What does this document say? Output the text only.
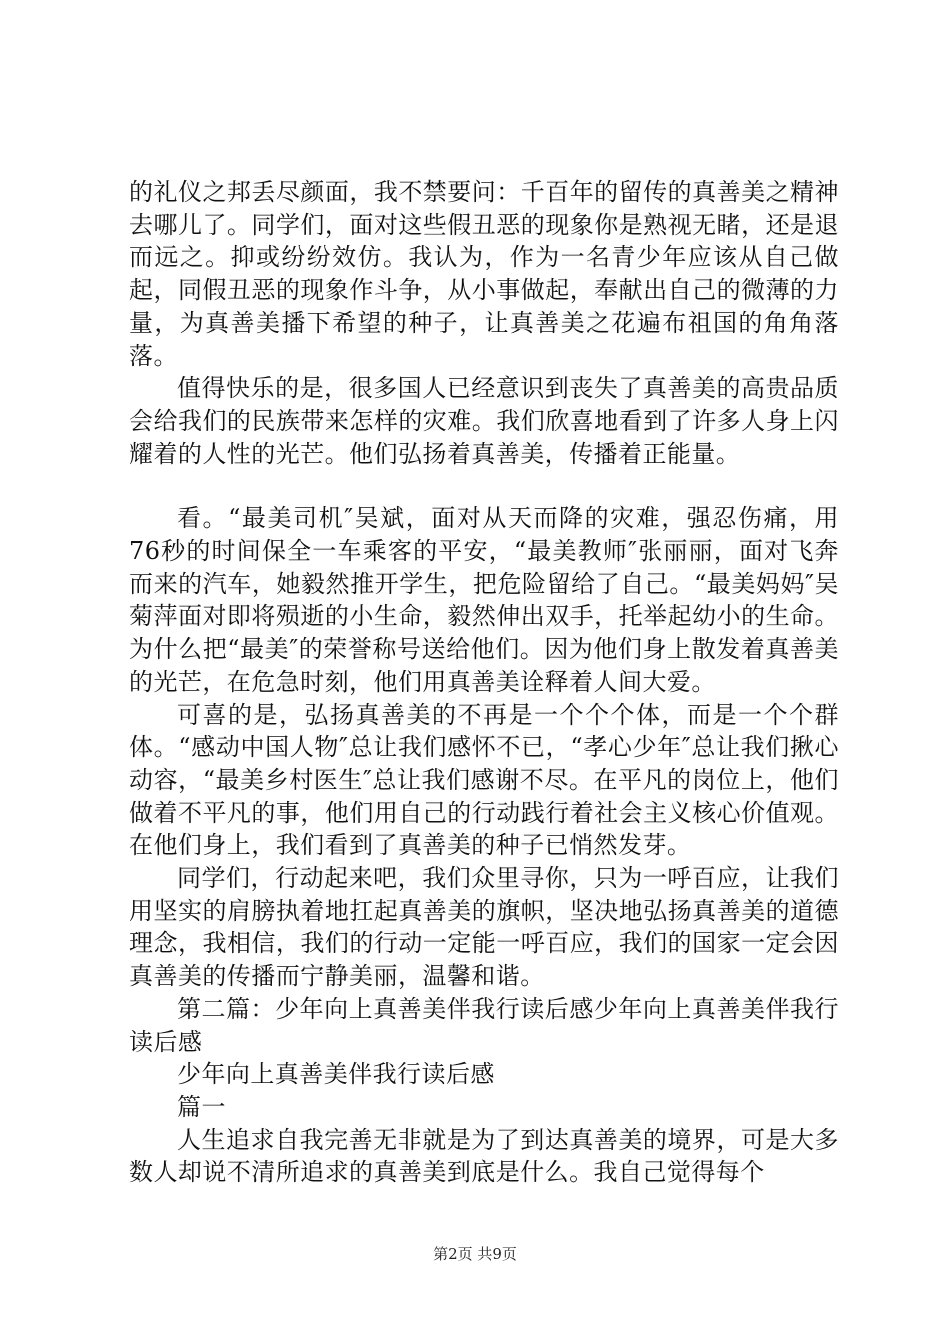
的礼仪之邦丢尽颜面，我不禁要问：千百年的留传的真善美之精神去哪儿了。同学们，面对这些假丑恶的现象你是熟视无睹，还是退而远之。抑或纷纷效仿。我认为，作为一名青少年应该从自己做起，同假丑恶的现象作斗争，从小事做起，奉献出自己的微薄的力量，为真善美播下希望的种子，让真善美之花遍布祖国的角角落落。

值得快乐的是，很多国人已经意识到丧失了真善美的高贵品质会给我们的民族带来怎样的灾难。我们欣喜地看到了许多人身上闪耀着的人性的光芒。他们弘扬着真善美，传播着正能量。

看。“最美司机″吴斌，面对从天而降的灾难，强忍伤痛，用76秒的时间保全一车乘客的平安，“最美教师″张丽丽，面对飞奔而来的汽车，她毅然推开学生，把危险留给了自己。“最美妈妈″吴菊萍面对即将殒逝的小生命，毅然伸出双手，托举起幼小的生命。为什么把“最美″的荣誉称号送给他们。因为他们身上散发着真善美的光芒，在危急时刻，他们用真善美诠释着人间大爱。

可喜的是，弘扬真善美的不再是一个个个体，而是一个个群体。“感动中国人物″总让我们感怀不已，“孝心少年″总让我们揪心动容，“最美乡村医生″总让我们感谢不尽。在平凡的岗位上，他们做着不平凡的事，他们用自己的行动践行着社会主义核心价值观。在他们身上，我们看到了真善美的种子已悄然发芽。

同学们，行动起来吧，我们众里寻你，只为一呼百应，让我们用坚实的肩膀执着地扛起真善美的旗帜，坚决地弘扬真善美的道德理念，我相信，我们的行动一定能一呼百应，我们的国家一定会因真善美的传播而宁静美丽，温馨和谐。

第二篇：少年向上真善美伴我行读后感少年向上真善美伴我行读后感

少年向上真善美伴我行读后感

篇一

人生追求自我完善无非就是为了到达真善美的境界，可是大多数人却说不清所追求的真善美到底是什么。我自己觉得每个

第2页 共9页
